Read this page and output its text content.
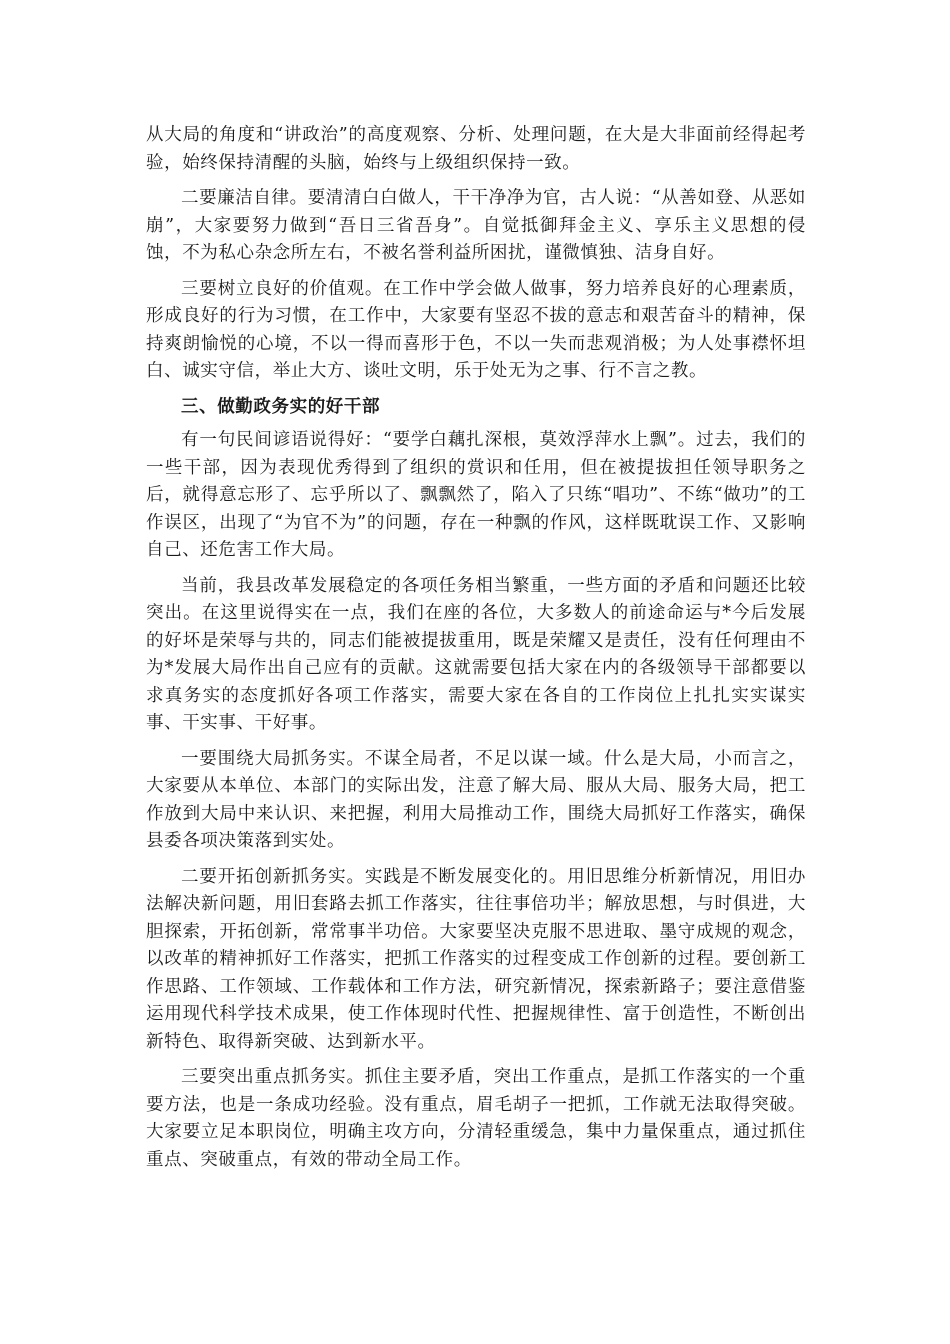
从大局的角度和“讲政治”的高度观察、分析、处理问题，在大是大非面前经得起考验，始终保持清醒的头脑，始终与上级组织保持一致。

二要廉洁自律。要清清白白做人，干干净净为官，古人说：“从善如登、从恶如崩”，大家要努力做到“吾日三省吾身”。自觉抵御拜金主义、享乐主义思想的侵蚀，不为私心杂念所左右，不被名誉利益所困扰，谨微慎独、洁身自好。

三要树立良好的价值观。在工作中学会做人做事，努力培养良好的心理素质，形成良好的行为习惯，在工作中，大家要有坚忍不拔的意志和艰苦奋斗的精神，保持爽朗愉悦的心境，不以一得而喜形于色，不以一失而悲观消极；为人处事襟怀坦白、诚实守信，举止大方、谈吐文明，乐于处无为之事、行不言之教。

三、做勤政务实的好干部

有一句民间谚语说得好：“要学白藕扎深根，莫效浮萍水上飘”。过去，我们的一些干部，因为表现优秀得到了组织的赏识和任用，但在被提拔担任领导职务之后，就得意忘形了、忘乎所以了、飘飘然了，陷入了只练“唱功”、不练“做功”的工作误区，出现了“为官不为”的问题，存在一种飘的作风，这样既耽误工作、又影响自己、还危害工作大局。

当前，我县改革发展稳定的各项任务相当繁重，一些方面的矛盾和问题还比较突出。在这里说得实在一点，我们在座的各位，大多数人的前途命运与*今后发展的好坏是荣辱与共的，同志们能被提拔重用，既是荣耀又是责任，没有任何理由不为*发展大局作出自己应有的贡献。这就需要包括大家在内的各级领导干部都要以求真务实的态度抓好各项工作落实，需要大家在各自的工作岗位上扎扎实实谋实事、干实事、干好事。

一要围绕大局抓务实。不谋全局者，不足以谋一域。什么是大局，小而言之，大家要从本单位、本部门的实际出发，注意了解大局、服从大局、服务大局，把工作放到大局中来认识、来把握，利用大局推动工作，围绕大局抓好工作落实，确保县委各项决策落到实处。

二要开拓创新抓务实。实践是不断发展变化的。用旧思维分析新情况，用旧办法解决新问题，用旧套路去抓工作落实，往往事倍功半；解放思想，与时俱进，大胆探索，开拓创新，常常事半功倍。大家要坚决克服不思进取、墨守成规的观念，以改革的精神抓好工作落实，把抓工作落实的过程变成工作创新的过程。要创新工作思路、工作领域、工作载体和工作方法，研究新情况，探索新路子；要注意借鉴运用现代科学技术成果，使工作体现时代性、把握规律性、富于创造性，不断创出新特色、取得新突破、达到新水平。

三要突出重点抓务实。抓住主要矛盾，突出工作重点，是抓工作落实的一个重要方法，也是一条成功经验。没有重点，眉毛胡子一把抓，工作就无法取得突破。大家要立足本职岗位，明确主攻方向，分清轻重缓急，集中力量保重点，通过抓住重点、突破重点，有效的带动全局工作。
